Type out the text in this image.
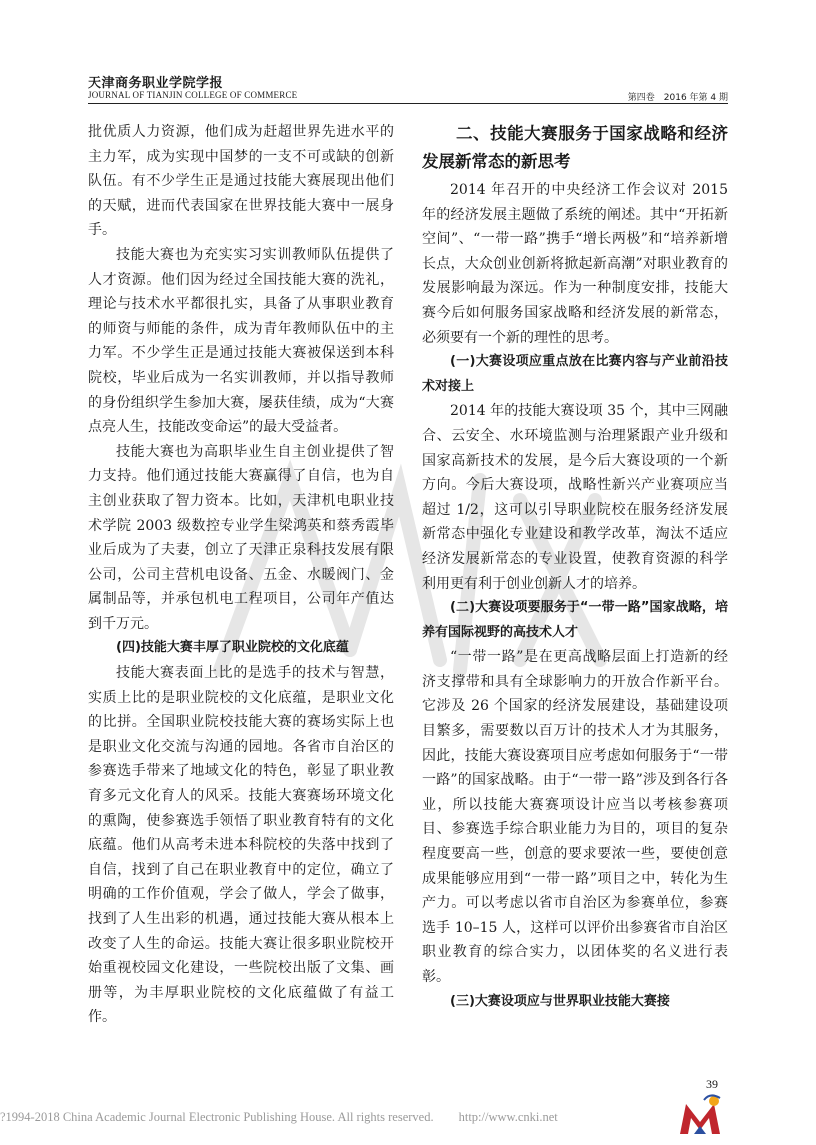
天津商务职业学院学报
JOURNAL OF TIANJIN COLLEGE OF COMMERCE	第四卷　2016 年第 4 期

批优质人力资源，他们成为赶超世界先进水平的主力军，成为实现中国梦的一支不可或缺的创新队伍。有不少学生正是通过技能大赛展现出他们的天赋，进而代表国家在世界技能大赛中一展身手。

技能大赛也为充实实习实训教师队伍提供了人才资源。他们因为经过全国技能大赛的洗礼，理论与技术水平都很扎实，具备了从事职业教育的师资与师能的条件，成为青年教师队伍中的主力军。不少学生正是通过技能大赛被保送到本科院校，毕业后成为一名实训教师，并以指导教师的身份组织学生参加大赛，屡获佳绩，成为“大赛点亮人生，技能改变命运”的最大受益者。

技能大赛也为高职毕业生自主创业提供了智力支持。他们通过技能大赛赢得了自信，也为自主创业获取了智力资本。比如，天津机电职业技术学院 2003 级数控专业学生梁鸿英和蔡秀霞毕业后成为了夫妻，创立了天津正泉科技发展有限公司，公司主营机电设备、五金、水暖阀门、金属制品等，并承包机电工程项目，公司年产值达到千万元。

(四)技能大赛丰厚了职业院校的文化底蕴

技能大赛表面上比的是选手的技术与智慧，实质上比的是职业院校的文化底蕴，是职业文化的比拼。全国职业院校技能大赛的赛场实际上也是职业文化交流与沟通的园地。各省市自治区的参赛选手带来了地域文化的特色，彰显了职业教育多元文化育人的风采。技能大赛赛场环境文化的熏陶，使参赛选手领悟了职业教育特有的文化底蕴。他们从高考未进本科院校的失落中找到了自信，找到了自己在职业教育中的定位，确立了明确的工作价值观，学会了做人，学会了做事，找到了人生出彩的机遇，通过技能大赛从根本上改变了人生的命运。技能大赛让很多职业院校开始重视校园文化建设，一些院校出版了文集、画册等，为丰厚职业院校的文化底蕴做了有益工作。

二、技能大赛服务于国家战略和经济发展新常态的新思考

2014 年召开的中央经济工作会议对 2015 年的经济发展主题做了系统的阐述。其中“开拓新空间”、“一带一路”携手“增长两极”和“培养新增长点，大众创业创新将掀起新高潮”对职业教育的发展影响最为深远。作为一种制度安排，技能大赛今后如何服务国家战略和经济发展的新常态，必须要有一个新的理性的思考。

(一)大赛设项应重点放在比赛内容与产业前沿技术对接上

2014 年的技能大赛设项 35 个，其中三网融合、云安全、水环境监测与治理紧跟产业升级和国家高新技术的发展，是今后大赛设项的一个新方向。今后大赛设项，战略性新兴产业赛项应当超过 1/2，这可以引导职业院校在服务经济发展新常态中强化专业建设和教学改革，淘汰不适应经济发展新常态的专业设置，使教育资源的科学利用更有利于创业创新人才的培养。

(二)大赛设项要服务于“一带一路”国家战略，培养有国际视野的高技术人才

“一带一路”是在更高战略层面上打造新的经济支撑带和具有全球影响力的开放合作新平台。它涉及 26 个国家的经济发展建设，基础建设项目繁多，需要数以百万计的技术人才为其服务，因此，技能大赛设赛项目应考虑如何服务于“一带一路”的国家战略。由于“一带一路”涉及到各行各业，所以技能大赛赛项设计应当以考核参赛项目、参赛选手综合职业能力为目的，项目的复杂程度要高一些，创意的要求要浓一些，要使创意成果能够应用到“一带一路”项目之中，转化为生产力。可以考虑以省市自治区为参赛单位，参赛选手 10–15 人，这样可以评价出参赛省市自治区职业教育的综合实力，以团体奖的名义进行表彰。

(三)大赛设项应与世界职业技能大赛接

39
?1994-2018 China Academic Journal Electronic Publishing House. All rights reserved.　　http://www.cnki.net
